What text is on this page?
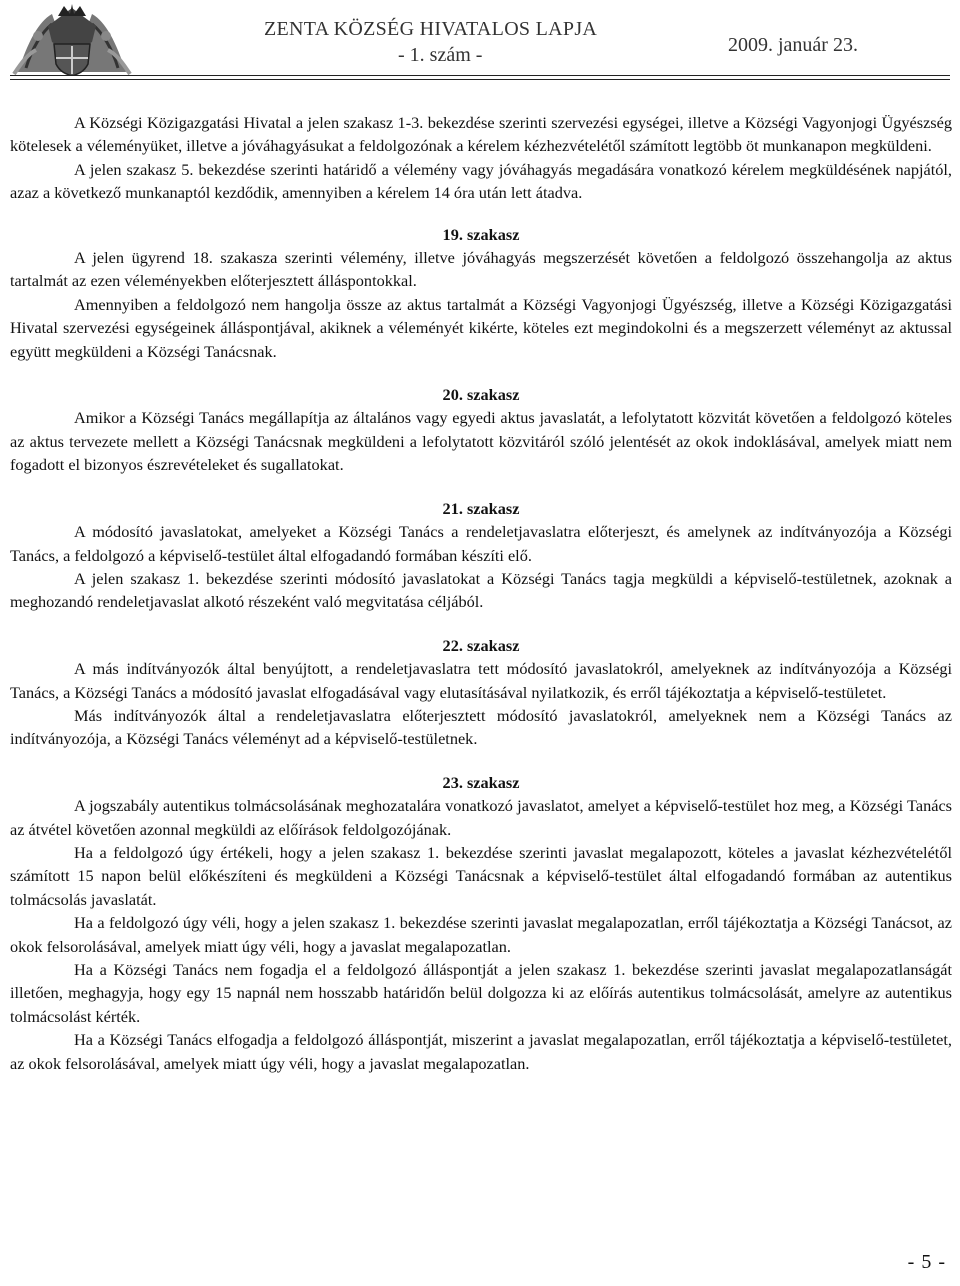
ZENTA KÖZSÉG HIVATALOS LAPJA
- 1. szám -	2009. január 23.

A Községi Közigazgatási Hivatal a jelen szakasz 1-3. bekezdése szerinti szervezési egységei, illetve a Községi Vagyonjogi Ügyészség kötelesek a véleményüket, illetve a jóváhagyásukat a feldolgozónak a kérelem kézhezvételétől számított legtöbb öt munkanapon megküldeni.

A jelen szakasz 5. bekezdése szerinti határidő a vélemény vagy jóváhagyás megadására vonatkozó kérelem megküldésének napjától, azaz a következő munkanaptól kezdődik, amennyiben a kérelem 14 óra után lett átadva.

19. szakasz

A jelen ügyrend 18. szakasza szerinti vélemény, illetve jóváhagyás megszerzését követően a feldolgozó összehangolja az aktus tartalmát az ezen véleményekben előterjesztett álláspontokkal.

Amennyiben a feldolgozó nem hangolja össze az aktus tartalmát a Községi Vagyonjogi Ügyészség, illetve a Községi Közigazgatási Hivatal szervezési egységeinek álláspontjával, akiknek a véleményét kikérte, köteles ezt megindokolni és a megszerzett véleményt az aktussal együtt megküldeni a Községi Tanácsnak.

20. szakasz

Amikor a Községi Tanács megállapítja az általános vagy egyedi aktus javaslatát, a lefolytatott közvitát követően a feldolgozó köteles az aktus tervezete mellett a Községi Tanácsnak megküldeni a lefolytatott közvitáról szóló jelentését az okok indoklásával, amelyek miatt nem fogadott el bizonyos észrevételeket és sugallatokat.

21. szakasz

A módosító javaslatokat, amelyeket a Községi Tanács a rendeletjavaslatra előterjeszt, és amelynek az indítványozója a Községi Tanács, a feldolgozó a képviselő-testület által elfogadandó formában készíti elő.

A jelen szakasz 1. bekezdése szerinti módosító javaslatokat a Községi Tanács tagja megküldi a képviselő-testületnek, azoknak a meghozandó rendeletjavaslat alkotó részeként való megvitatása céljából.

22. szakasz

A más indítványozók által benyújtott, a rendeletjavaslatra tett módosító javaslatokról, amelyeknek az indítványozója a Községi Tanács, a Községi Tanács a módosító javaslat elfogadásával vagy elutasításával nyilatkozik, és erről tájékoztatja a képviselő-testületet.

Más indítványozók által a rendeletjavaslatra előterjesztett módosító javaslatokról, amelyeknek nem a Községi Tanács az indítványozója, a Községi Tanács véleményt ad a képviselő-testületnek.

23. szakasz

A jogszabály autentikus tolmácsolásának meghozatalára vonatkozó javaslatot, amelyet a képviselő-testület hoz meg, a Községi Tanács az átvétel követően azonnal megküldi az előírások feldolgozójának.

Ha a feldolgozó úgy értékeli, hogy a jelen szakasz 1. bekezdése szerinti javaslat megalapozott, köteles a javaslat kézhezvételétől számított 15 napon belül előkészíteni és megküldeni a Községi Tanácsnak a képviselő-testület által elfogadandó formában az autentikus tolmácsolás javaslatát.

Ha a feldolgozó úgy véli, hogy a jelen szakasz 1. bekezdése szerinti javaslat megalapozatlan, erről tájékoztatja a Községi Tanácsot, az okok felsorolásával, amelyek miatt úgy véli, hogy a javaslat megalapozatlan.

Ha a Községi Tanács nem fogadja el a feldolgozó álláspontját a jelen szakasz 1. bekezdése szerinti javaslat megalapozatlanságát illetően, meghagyja, hogy egy 15 napnál nem hosszabb határidőn belül dolgozza ki az előírás autentikus tolmácsolását, amelyre az autentikus tolmácsolást kérték.

Ha a Községi Tanács elfogadja a feldolgozó álláspontját, miszerint a javaslat megalapozatlan, erről tájékoztatja a képviselő-testületet, az okok felsorolásával, amelyek miatt úgy véli, hogy a javaslat megalapozatlan.

- 5 -
